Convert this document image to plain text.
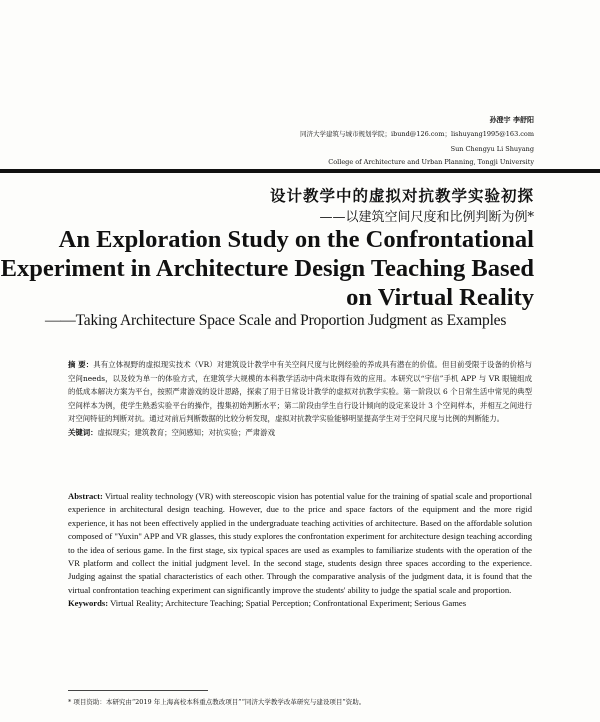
孙澄宇 李舒阳
同济大学建筑与城市规划学院；ibund@126.com；lishuyang1995@163.com
Sun Chengyu Li Shuyang
College of Architecture and Urban Planning, Tongji University
设计教学中的虚拟对抗教学实验初探
——以建筑空间尺度和比例判断为例*
An Exploration Study on the Confrontational
Experiment in Architecture Design Teaching Based
on Virtual Reality
——Taking Architecture Space Scale and Proportion Judgment as Examples

摘 要：具有立体视野的虚拟现实技术（VR）对建筑设计教学中有关空间尺度与比例经验的养成具有潜在的价值。但目前受限于设备的价格与空间needs，以及较为单一的体验方式，在建筑学大规模的本科教学活动中尚未取得有效的应用。本研究以“宇信”手机 APP 与 VR 眼镜组成的低成本解决方案为平台，按照严肃游戏的设计思路，探索了用于日常设计教学的虚拟对抗教学实验。第一阶段以 6 个日常生活中常见的典型空间样本为例，使学生熟悉实验平台的操作，搜集初始判断水平；第二阶段由学生自行设计倾向的设定来设计 3 个空间样本，并相互之间进行对空间特征的判断对抗。通过对前后判断数据的比较分析发现，虚拟对抗教学实验能够明显提高学生对于空间尺度与比例的判断能力。

关键词：虚拟现实；建筑教育；空间感知；对抗实验；严肃游戏

Abstract: Virtual reality technology (VR) with stereoscopic vision has potential value for the training of spatial scale and proportional experience in architectural design teaching. However, due to the price and space factors of the equipment and the more rigid experience, it has not been effectively applied in the undergraduate teaching activities of architecture. Based on the affordable solution composed of "Yuxin" APP and VR glasses, this study explores the confrontation experiment for architecture design teaching according to the idea of serious game. In the first stage, six typical spaces are used as examples to familiarize students with the operation of the VR platform and collect the initial judgment level. In the second stage, students design three spaces according to the experience. Judging against the spatial characteristics of each other. Through the comparative analysis of the judgment data, it is found that the virtual confrontation teaching experiment can significantly improve the students' ability to judge the spatial scale and proportion.

Keywords: Virtual Reality; Architecture Teaching; Spatial Perception; Confrontational Experiment; Serious Games

* 项目资助：本研究由“2019 年上海高校本科重点教改项目”“同济大学教学改革研究与建设项目”资助。
